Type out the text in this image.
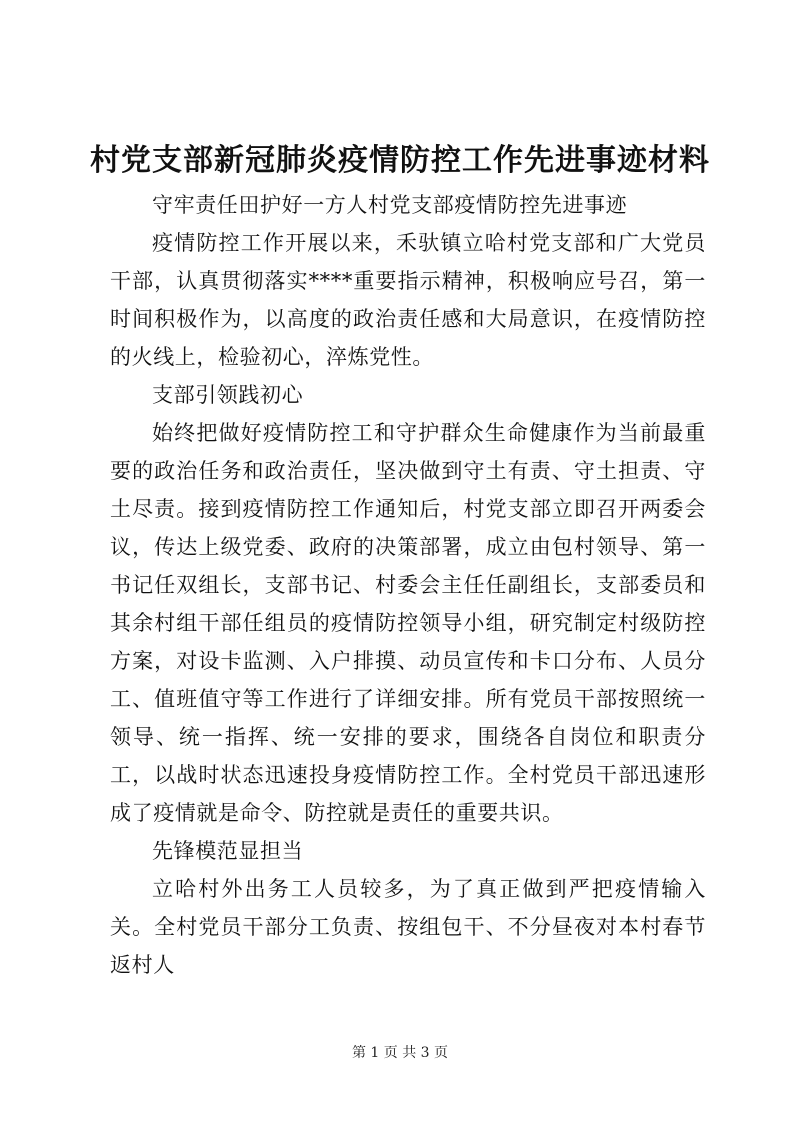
村党支部新冠肺炎疫情防控工作先进事迹材料

守牢责任田护好一方人村党支部疫情防控先进事迹

疫情防控工作开展以来，禾驮镇立哈村党支部和广大党员干部，认真贯彻落实****重要指示精神，积极响应号召，第一时间积极作为，以高度的政治责任感和大局意识，在疫情防控的火线上，检验初心，淬炼党性。

支部引领践初心

始终把做好疫情防控工和守护群众生命健康作为当前最重要的政治任务和政治责任，坚决做到守土有责、守土担责、守土尽责。接到疫情防控工作通知后，村党支部立即召开两委会议，传达上级党委、政府的决策部署，成立由包村领导、第一书记任双组长，支部书记、村委会主任任副组长，支部委员和其余村组干部任组员的疫情防控领导小组，研究制定村级防控方案，对设卡监测、入户排摸、动员宣传和卡口分布、人员分工、值班值守等工作进行了详细安排。所有党员干部按照统一领导、统一指挥、统一安排的要求，围绕各自岗位和职责分工，以战时状态迅速投身疫情防控工作。全村党员干部迅速形成了疫情就是命令、防控就是责任的重要共识。

先锋模范显担当

立哈村外出务工人员较多，为了真正做到严把疫情输入关。全村党员干部分工负责、按组包干、不分昼夜对本村春节返村人

第 1 页 共 3 页
